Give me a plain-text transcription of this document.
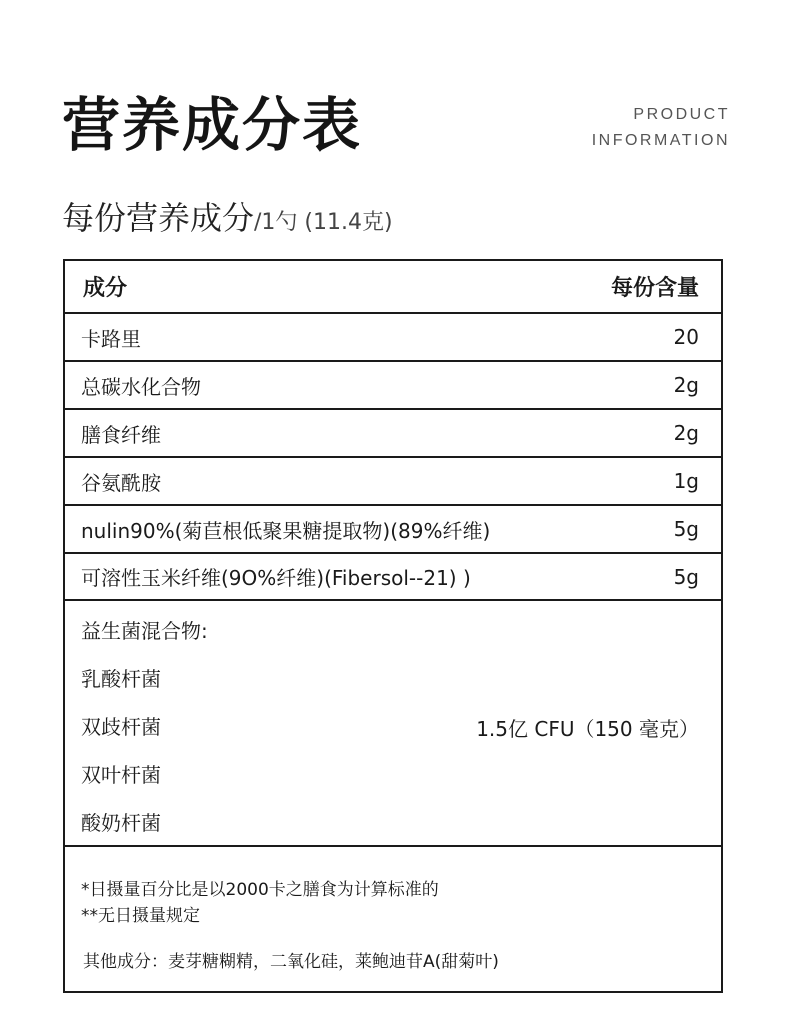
营养成分表	PRODUCT
INFORMATION
每份营养成分/1勺 (11.4克)
成分	每份含量
卡路里	20
总碳水化合物	2g
膳食纤维	2g
谷氨酰胺	1g
nulin90%(菊苣根低聚果糖提取物)(89%纤维)	5g
可溶性玉米纤维(9O%纤维)(Fibersol--21) )	5g
益生菌混合物:
乳酸杆菌
双歧杆菌
双叶杆菌
酸奶杆菌
1.5亿 CFU（150 毫克）
*日摄量百分比是以2000卡之膳食为计算标准的
**无日摄量规定
其他成分：麦芽糖糊精，二氧化硅，莱鲍迪苷A(甜菊叶)
